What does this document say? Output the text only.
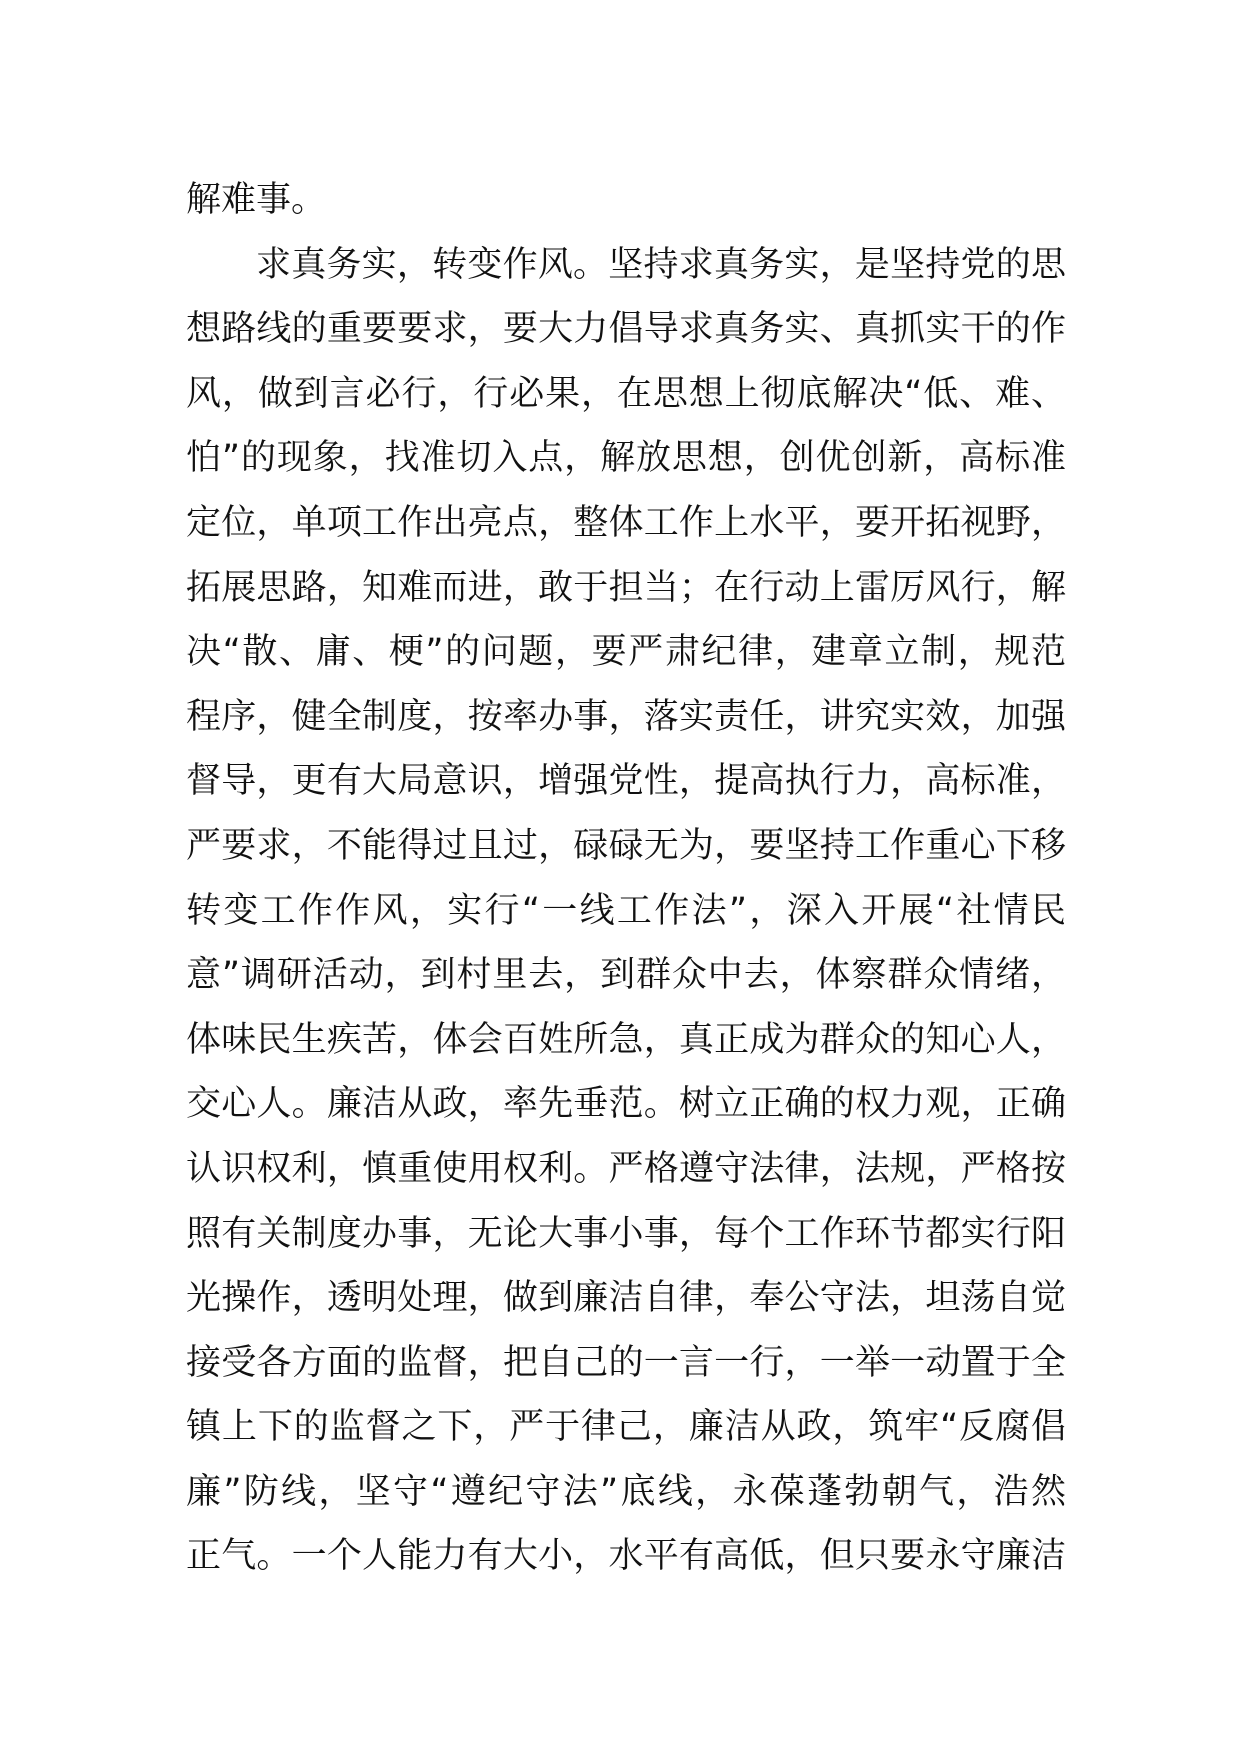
解难事。
求真务实，转变作风。坚持求真务实，是坚持党的思
想路线的重要要求，要大力倡导求真务实、真抓实干的作
风，做到言必行，行必果，在思想上彻底解决“低、难、
怕”的现象，找准切入点，解放思想，创优创新，高标准
定位，单项工作出亮点，整体工作上水平，要开拓视野，
拓展思路，知难而进，敢于担当；在行动上雷厉风行，解
决“散、庸、梗”的问题，要严肃纪律，建章立制，规范
程序，健全制度，按率办事，落实责任，讲究实效，加强
督导，更有大局意识，增强党性，提高执行力，高标准，
严要求，不能得过且过，碌碌无为，要坚持工作重心下移
转变工作作风，实行“一线工作法”，深入开展“社情民
意”调研活动，到村里去，到群众中去，体察群众情绪，
体味民生疾苦，体会百姓所急，真正成为群众的知心人，
交心人。廉洁从政，率先垂范。树立正确的权力观，正确
认识权利，慎重使用权利。严格遵守法律，法规，严格按
照有关制度办事，无论大事小事，每个工作环节都实行阳
光操作，透明处理，做到廉洁自律，奉公守法，坦荡自觉
接受各方面的监督，把自己的一言一行，一举一动置于全
镇上下的监督之下，严于律己，廉洁从政，筑牢“反腐倡
廉”防线，坚守“遵纪守法”底线，永葆蓬勃朝气，浩然
正气。一个人能力有大小，水平有高低，但只要永守廉洁
